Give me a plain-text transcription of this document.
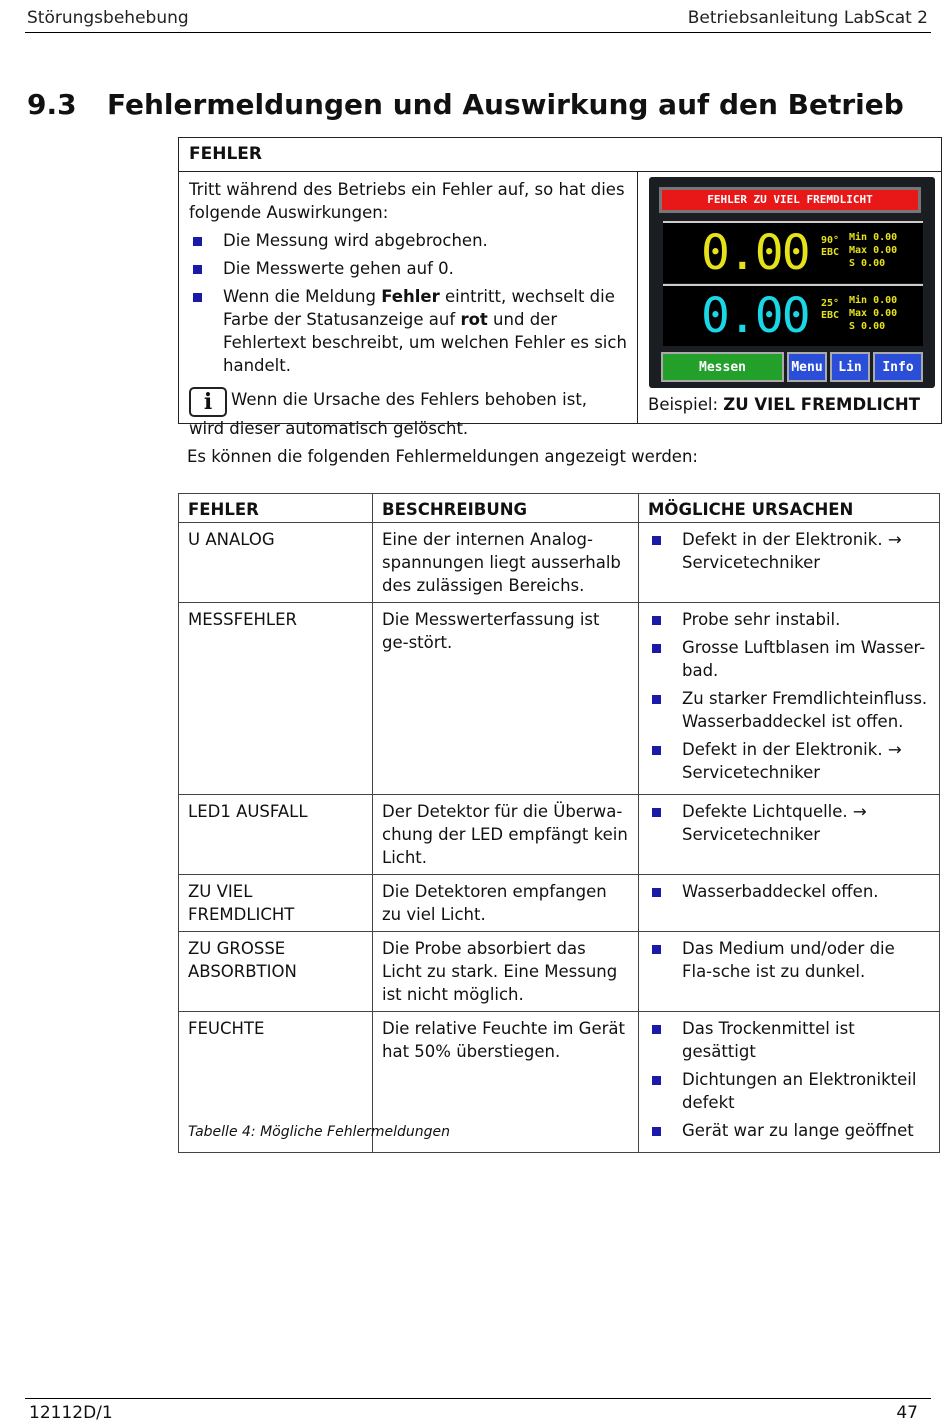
Störungsbehebung	Betriebsanleitung LabScat 2
9.3 Fehlermeldungen und Auswirkung auf den Betrieb
FEHLER
Tritt während des Betriebs ein Fehler auf, so hat dies folgende Auswirkungen:
Die Messung wird abgebrochen.
Die Messwerte gehen auf 0.
Wenn die Meldung Fehler eintritt, wechselt die Farbe der Statusanzeige auf rot und der Fehlertext beschreibt, um welchen Fehler es sich handelt.
i Wenn die Ursache des Fehlers behoben ist, wird dieser automatisch gelöscht.
FEHLER ZU VIEL FREMDLICHT
0.00 90°
EBC
Min 0.00
Max 0.00
S 0.00
0.00 25°
EBC
Min 0.00
Max 0.00
S 0.00
Messen	Menu	Lin	Info
Beispiel: ZU VIEL FREMDLICHT
Es können die folgenden Fehlermeldungen angezeigt werden:
FEHLER	BESCHREIBUNG	MÖGLICHE URSACHEN
U ANALOG	Eine der internen Analog-spannungen liegt ausserhalb des zulässigen Bereichs.	Defekt in der Elektronik. → Servicetechniker

MESSFEHLER	Die Messwerterfassung ist ge-stört.	Probe sehr instabil.
Grosse Luftblasen im Wasser-bad.
Zu starker Fremdlichteinfluss. Wasserbaddeckel ist offen.
Defekt in der Elektronik. → Servicetechniker

LED1 AUSFALL	Der Detektor für die Überwa-chung der LED empfängt kein Licht.	Defekte Lichtquelle. → Servicetechniker

ZU VIEL FREMDLICHT	Die Detektoren empfangen zu viel Licht.	Wasserbaddeckel offen.

ZU GROSSE ABSORBTION	Die Probe absorbiert das Licht zu stark. Eine Messung ist nicht möglich.	Das Medium und/oder die Fla-sche ist zu dunkel.

FEUCHTE	Die relative Feuchte im Gerät hat 50% überstiegen.	Das Trockenmittel ist gesättigt
Dichtungen an Elektronikteil defekt
Gerät war zu lange geöffnet
Tabelle 4: Mögliche Fehlermeldungen
12112D/1	47
